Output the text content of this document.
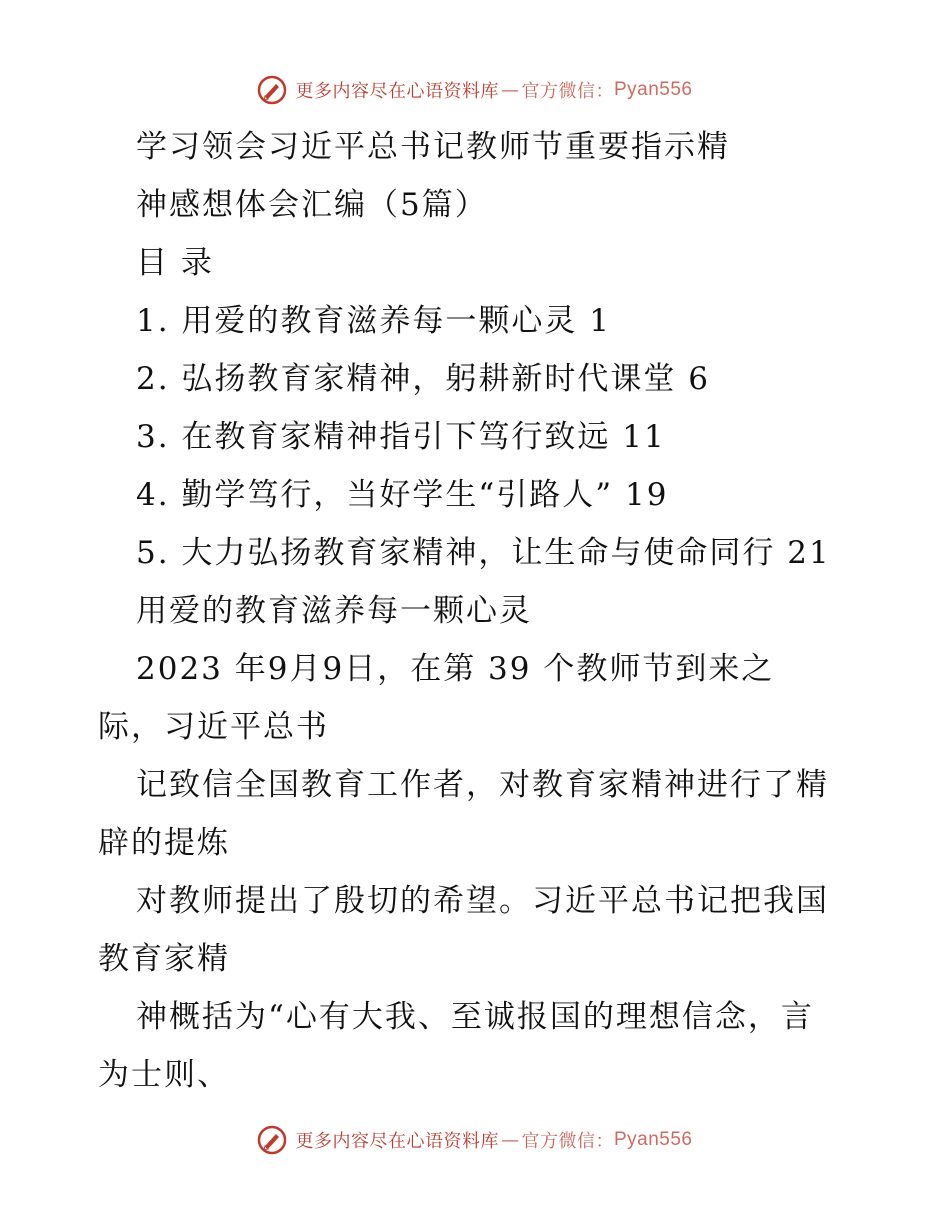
更多内容尽在心语资料库 — 官方微信： Pyan556
学习领会习近平总书记教师节重要指示精
神感想体会汇编（5篇）
目 录
1. 用爱的教育滋养每一颗心灵 1
2. 弘扬教育家精神，躬耕新时代课堂 6
3. 在教育家精神指引下笃行致远 11
4. 勤学笃行，当好学生“引路人” 19
5. 大力弘扬教育家精神，让生命与使命同行 21
用爱的教育滋养每一颗心灵
2023 年9月9日，在第 39 个教师节到来之
际，习近平总书
记致信全国教育工作者，对教育家精神进行了精
辟的提炼
对教师提出了殷切的希望。习近平总书记把我国
教育家精
神概括为“心有大我、至诚报国的理想信念，言
为士则、
更多内容尽在心语资料库 — 官方微信： Pyan556
